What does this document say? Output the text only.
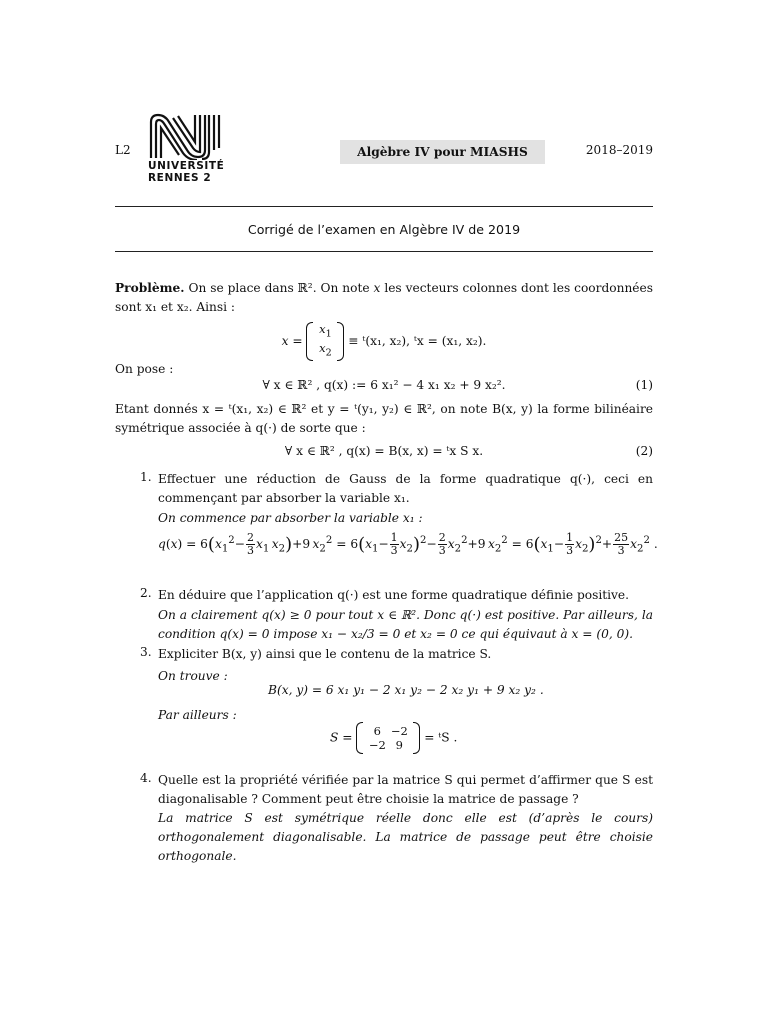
L2
UNIVERSITÉ
RENNES 2
Algèbre IV pour MIASHS	2018–2019
Corrigé de l’examen en Algèbre IV de 2019
Problème. On se place dans ℝ². On note x les vecteurs colonnes dont les coordonnées sont x₁ et x₂. Ainsi :
x =
$x_1$
$x_2$
≡ ᵗ(x₁, x₂), ᵗx = (x₁, x₂).
On pose :
∀ x ∈ ℝ² , q(x) := 6 x₁² − 4 x₁ x₂ + 9 x₂².	(1)
Etant donnés x = ᵗ(x₁, x₂) ∈ ℝ² et y = ᵗ(y₁, y₂) ∈ ℝ², on note B(x, y) la forme bilinéaire symétrique associée à q(·) de sorte que :
∀ x ∈ ℝ² , q(x) = B(x, x) = ᵗx S x.	(2)
1. Effectuer une réduction de Gauss de la forme quadratique q(·), ceci en commençant par absorber la variable x₁.
On commence par absorber la variable x₁ :
$q(x) = 6(x_1^2- \frac{2}{3} x_1$  $x_2)+9$ $x_2^2 = 6(x_1- \frac{1}{3} x_2)^2- \frac{2}{3} x_2^2+9$ $x_2^2 = 6(x_1- \frac{1}{3} x_2)^2+ \frac{25}{3} x_2^2$ .
2. En déduire que l’application q(·) est une forme quadratique définie positive.
On a clairement q(x) ≥ 0 pour tout x ∈ ℝ². Donc q(·) est positive. Par ailleurs, la condition q(x) = 0 impose x₁ − x₂/3 = 0 et x₂ = 0 ce qui équivaut à x = (0, 0).
3. Expliciter B(x, y) ainsi que le contenu de la matrice S.
On trouve :
B(x, y) = 6 x₁ y₁ − 2 x₁ y₂ − 2 x₂ y₁ + 9 x₂ y₂ .
Par ailleurs :
S =	6 −2
−2 9
= ᵗS .
4. Quelle est la propriété vérifiée par la matrice S qui permet d’affirmer que S est diagonalisable ? Comment peut être choisie la matrice de passage ?
La matrice S est symétrique réelle donc elle est (d’après le cours) orthogonalement diagonalisable. La matrice de passage peut être choisie orthogonale.
